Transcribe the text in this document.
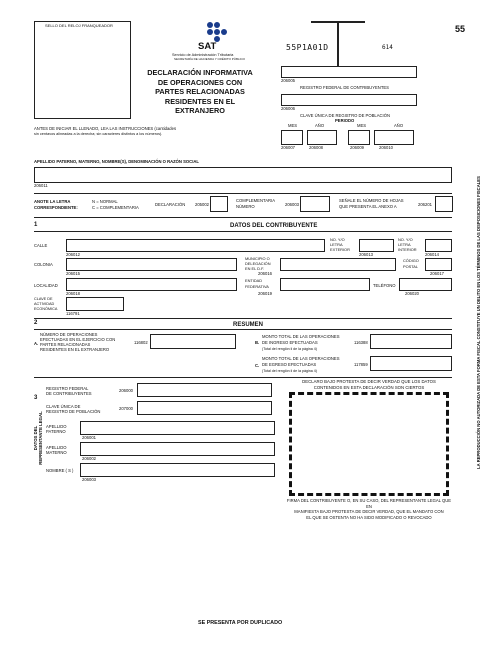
55
SELLO DEL RELOJ FRANQUEADOR
SAT
Servicio de Administración Tributaria
SECRETARÍA DE HACIENDA Y CRÉDITO PÚBLICO
DECLARACIÓN INFORMATIVA
DE OPERACIONES CON
PARTES RELACIONADAS
RESIDENTES EN EL
EXTRANJERO
55P1A01D	614
206005
REGISTRO FEDERAL DE CONTRIBUYENTES
206006
CLAVE ÚNICA DE REGISTRO DE POBLACIÓN
PERIODO
MES	AÑO	MES	AÑO
206007	206008	206009	206010
ANTES DE INICIAR EL LLENADO, LEA LAS INSTRUCCIONES (cantidades
sin centavos alineadas a la derecha; sin caracteres distintos a los números).
APELLIDO PATERNO, MATERNO, NOMBRE(S), DENOMINACIÓN O RAZÓN SOCIAL
206011
ANOTE LA LETRA
CORRESPONDIENTE:
N = NORMAL
C = COMPLEMENTARIA
DECLARACIÓN 205002
COMPLEMENTARIA
NÚMERO	206003
SEÑALE EL NÚMERO DE HOJAS
QUE PRESENTA EL ANEXO A	206201
1	DATOS DEL CONTRIBUYENTE
CALLE
206012
NO. Y/O
LETRA
EXTERIOR
206013
NO. Y/O
LETRA
INTERIOR
206014
COLONIA
206015
MUNICIPIO O
DELEGACIÓN
EN EL D.F.
206016
CÓDIGO
POSTAL
206017
LOCALIDAD
206018
ENTIDAD
FEDERATIVA
206019
TELÉFONO
206020
CLAVE DE
ACTIVIDAD
ECONÓMICA
116791
2	RESUMEN
A.
NÚMERO DE OPERACIONES
EFECTUADAS EN EL EJERCICIO CON
PARTES RELACIONADAS
RESIDENTES EN EL EXTRANJERO
116802	B.
MONTO TOTAL DE LAS OPERACIONES
DE INGRESO EFECTUADAS
(Total del renglón ii de la página 4)
116388
C.
MONTO TOTAL DE LAS OPERACIONES
DE EGRESO EFECTUADAS
(Total del renglón ii de la página 4)
117859
3
DATOS DEL REPRESENTANTE LEGAL
REGISTRO FEDERAL
DE CONTRIBUYENTES
206000
CLAVE ÚNICA DE
REGISTRO DE POBLACIÓN
207000
APELLIDO
PATERNO
206001
APELLIDO
MATERNO
206002
NOMBRE ( S )
206003
DECLARO BAJO PROTESTA DE DECIR VERDAD QUE LOS DATOS
CONTENIDOS EN ESTA DECLARACIÓN SON CIERTOS
FIRMA DEL CONTRIBUYENTE O, EN SU CASO, DEL REPRESENTANTE LEGAL QUE EN
MANIFIESTA BAJO PROTESTA DE DECIR VERDAD, QUE EL MANDATO CON
EL QUE SE OSTENTA NO HA SIDO MODIFICADO O REVOCADO
LA REPRODUCCIÓN NO AUTORIZADA DE ESTA FORMA FISCAL CONSTITUYE UN DELITO EN LOS TÉRMINOS DE LAS DISPOSICIONES FISCALES
SE PRESENTA POR DUPLICADO
